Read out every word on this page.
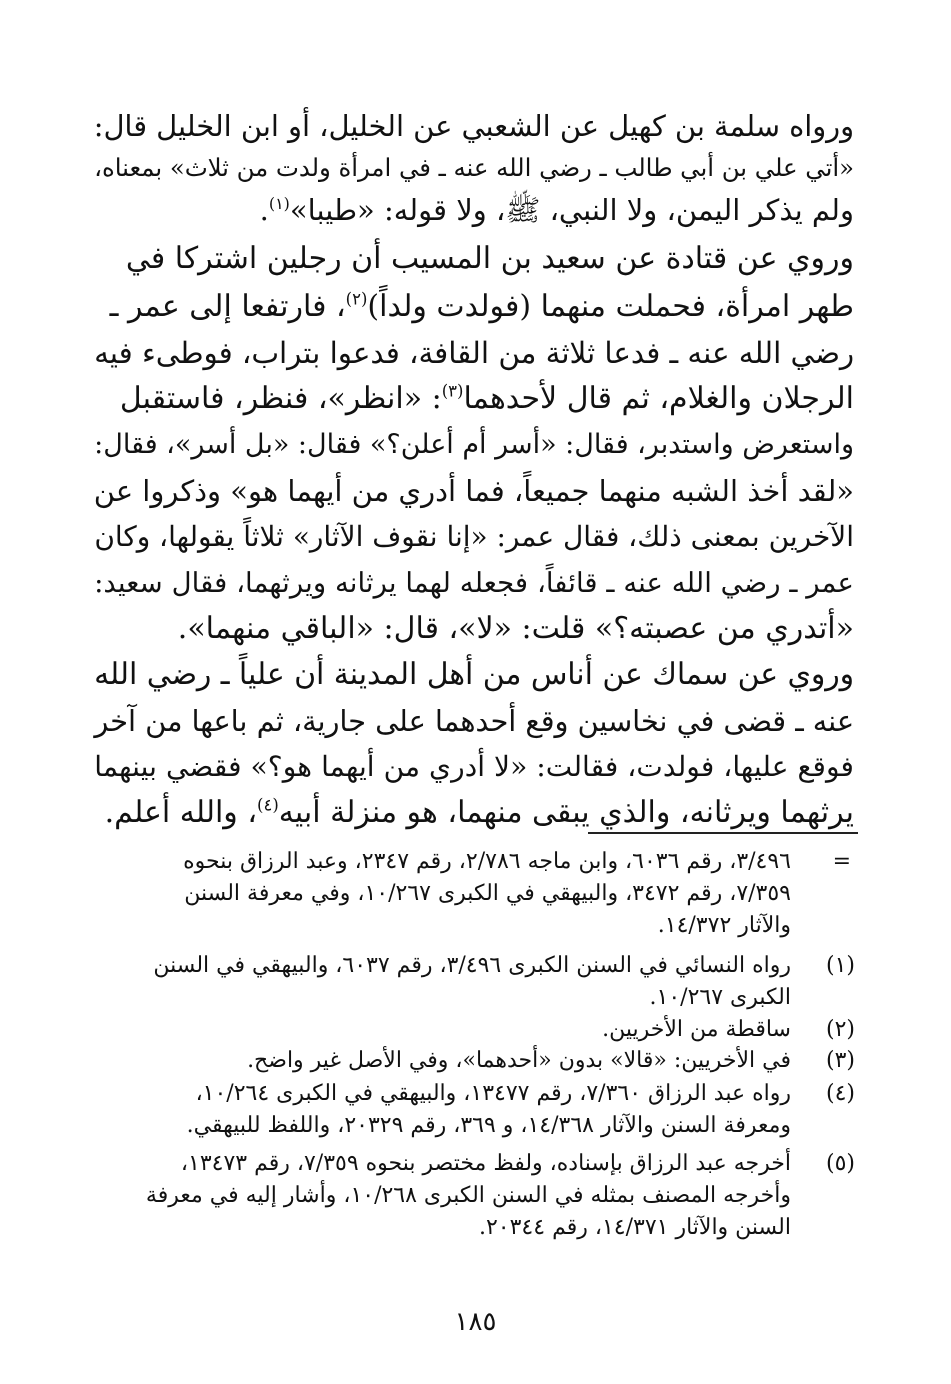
ورواه سلمة بن كهيل عن الشعبي عن الخليل، أو ابن الخليل قال:
«أتي علي بن أبي طالب ـ رضي الله عنه ـ في امرأة ولدت من ثلاث» بمعناه،
ولم يذكر اليمن، ولا النبي، ﷺ، ولا قوله: «طيبا»$^{(١)}$.
وروي عن قتادة عن سعيد بن المسيب أن رجلين اشتركا في
طهر امرأة، فحملت منهما (فولدت ولداً)$^{(٢)}$، فارتفعا إلى عمر ـ
رضي الله عنه ـ فدعا ثلاثة من القافة، فدعوا بتراب، فوطىء فيه
الرجلان والغلام، ثم قال لأحدهما$^{(٣)}$: «انظر»، فنظر، فاستقبل
واستعرض واستدبر، فقال: «أسر أم أعلن؟» فقال: «بل أسر»، فقال:
«لقد أخذ الشبه منهما جميعاً، فما أدري من أيهما هو» وذكروا عن
الآخرين بمعنى ذلك، فقال عمر: «إنا نقوف الآثار» ثلاثاً يقولها، وكان
عمر ـ رضي الله عنه ـ قائفاً، فجعله لهما يرثانه ويرثهما، فقال سعيد:
«أتدري من عصبته؟» قلت: «لا»، قال: «الباقي منهما».
وروي عن سماك عن أناس من أهل المدينة أن علياً ـ رضي الله
عنه ـ قضى في نخاسين وقع أحدهما على جارية، ثم باعها من آخر
فوقع عليها، فولدت، فقالت: «لا أدري من أيهما هو؟» فقضي بينهما
يرثهما ويرثانه، والذي يبقى منهما، هو منزلة أبيه$^{(٤)}$، والله أعلم.
=
٣/٤٩٦، رقم ٦٠٣٦، وابن ماجه ٢/٧٨٦، رقم ٢٣٤٧، وعبد الرزاق بنحوه
٧/٣٥٩، رقم ٣٤٧٢، والبيهقي في الكبرى ١٠/٢٦٧، وفي معرفة السنن
والآثار ١٤/٣٧٢.
(١)
رواه النسائي في السنن الكبرى ٣/٤٩٦، رقم ٦٠٣٧، والبيهقي في السنن
الكبرى ١٠/٢٦٧.
(٢)
ساقطة من الأخريين.
(٣)
في الأخريين: «قالا» بدون «أحدهما»، وفي الأصل غير واضح.
(٤)
رواه عبد الرزاق ٧/٣٦٠، رقم ١٣٤٧٧، والبيهقي في الكبرى ١٠/٢٦٤،
ومعرفة السنن والآثار ١٤/٣٦٨، و ٣٦٩، رقم ٢٠٣٢٩، واللفظ للبيهقي.
(٥)
أخرجه عبد الرزاق بإسناده، ولفظ مختصر بنحوه ٧/٣٥٩، رقم ١٣٤٧٣،
وأخرجه المصنف بمثله في السنن الكبرى ١٠/٢٦٨، وأشار إليه في معرفة
السنن والآثار ١٤/٣٧١، رقم ٢٠٣٤٤.
١٨٥
